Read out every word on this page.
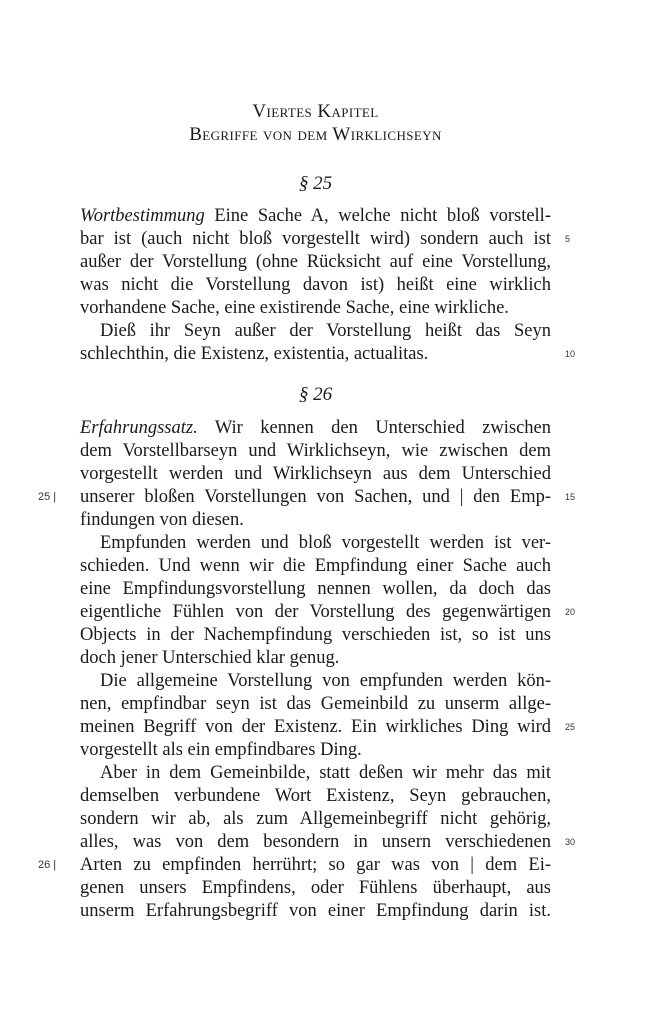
Viertes Kapitel
Begriffe von dem Wirklichseyn
§ 25
Wortbestimmung Eine Sache A, welche nicht bloß vorstell-
bar ist (auch nicht bloß vorgestellt wird) sondern auch ist
außer der Vorstellung (ohne Rücksicht auf eine Vorstellung,
was nicht die Vorstellung davon ist) heißt eine wirklich
vorhandene Sache, eine existirende Sache, eine wirkliche.
Dieß ihr Seyn außer der Vorstellung heißt das Seyn
schlechthin, die Existenz, existentia, actualitas.
§ 26
Erfahrungssatz. Wir kennen den Unterschied zwischen
dem Vorstellbarseyn und Wirklichseyn, wie zwischen dem
vorgestellt werden und Wirklichseyn aus dem Unterschied
unserer bloßen Vorstellungen von Sachen, und | den Emp-
findungen von diesen.
Empfunden werden und bloß vorgestellt werden ist ver-
schieden. Und wenn wir die Empfindung einer Sache auch
eine Empfindungsvorstellung nennen wollen, da doch das
eigentliche Fühlen von der Vorstellung des gegenwärtigen
Objects in der Nachempfindung verschieden ist, so ist uns
doch jener Unterschied klar genug.
Die allgemeine Vorstellung von empfunden werden kön-
nen, empfindbar seyn ist das Gemeinbild zu unserm allge-
meinen Begriff von der Existenz. Ein wirkliches Ding wird
vorgestellt als ein empfindbares Ding.
Aber in dem Gemeinbilde, statt deßen wir mehr das mit
demselben verbundene Wort Existenz, Seyn gebrauchen,
sondern wir ab, als zum Allgemeinbegriff nicht gehörig,
alles, was von dem besondern in unsern verschiedenen
Arten zu empfinden herrührt; so gar was von | dem Ei-
genen unsers Empfindens, oder Fühlens überhaupt, aus
unserm Erfahrungsbegriff von einer Empfindung darin ist.
5
10
15
20
25
30
25 |
26 |
